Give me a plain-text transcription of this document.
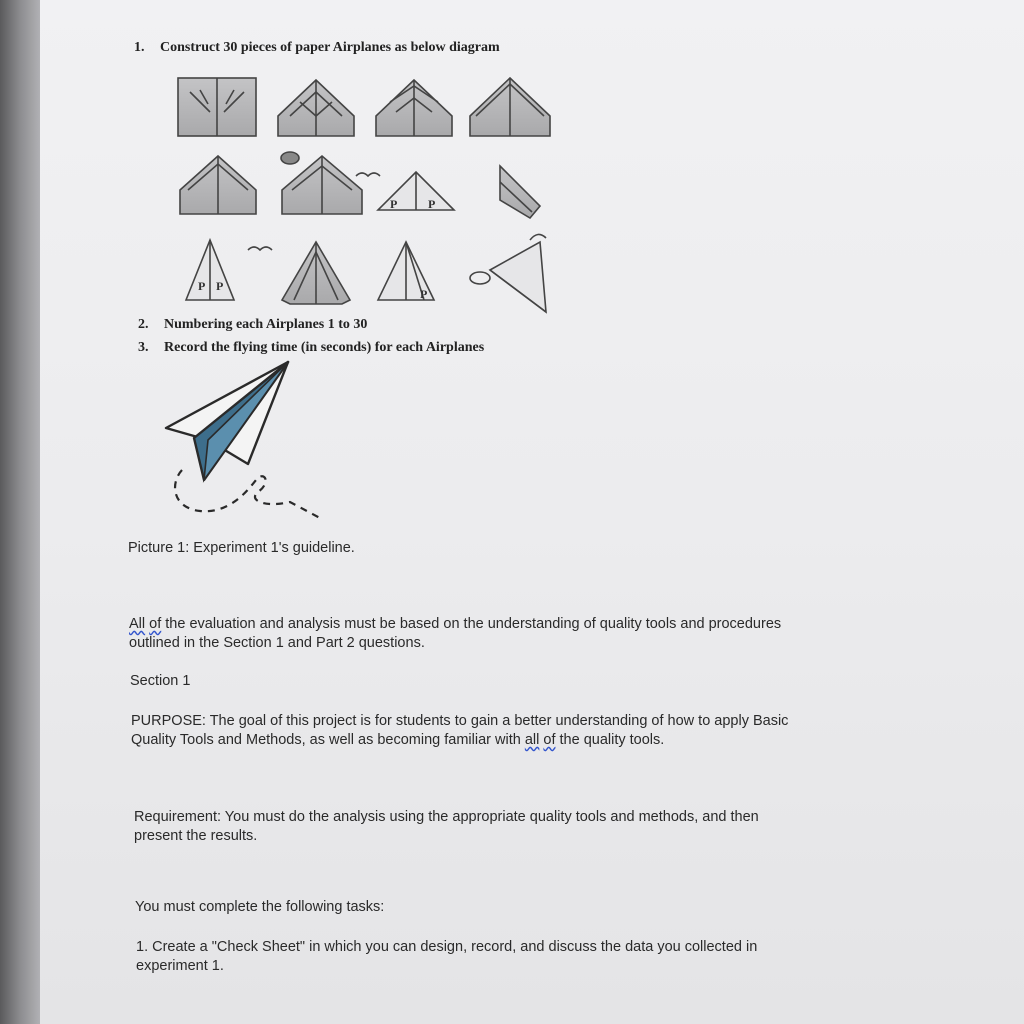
1. Construct 30 pieces of paper Airplanes as below diagram
P	P
P P
P
2. Numbering each Airplanes 1 to 30
3. Record the flying time (in seconds) for each Airplanes
Picture 1: Experiment 1's guideline.
All of the evaluation and analysis must be based on the understanding of quality tools and procedures
outlined in the Section 1 and Part 2 questions.
Section 1
PURPOSE: The goal of this project is for students to gain a better understanding of how to apply Basic
Quality Tools and Methods, as well as becoming familiar with all of the quality tools.
Requirement: You must do the analysis using the appropriate quality tools and methods, and then
present the results.
You must complete the following tasks:
1. Create a "Check Sheet" in which you can design, record, and discuss the data you collected in
experiment 1.
